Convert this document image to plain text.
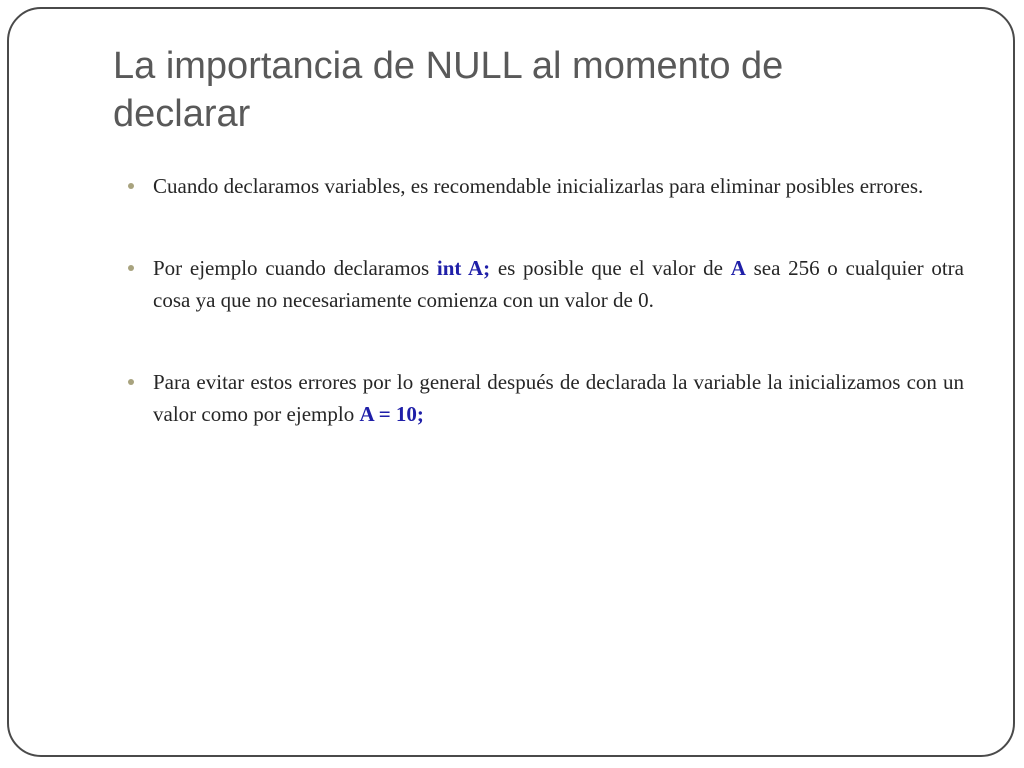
La importancia de NULL al momento de declarar
Cuando declaramos variables, es recomendable inicializarlas para eliminar posibles errores.
Por ejemplo cuando declaramos int A; es posible que el valor de A sea 256 o cualquier otra cosa ya que no necesariamente comienza con un valor de 0.
Para evitar estos errores por lo general después de declarada la variable la inicializamos con un valor como por ejemplo A = 10;
